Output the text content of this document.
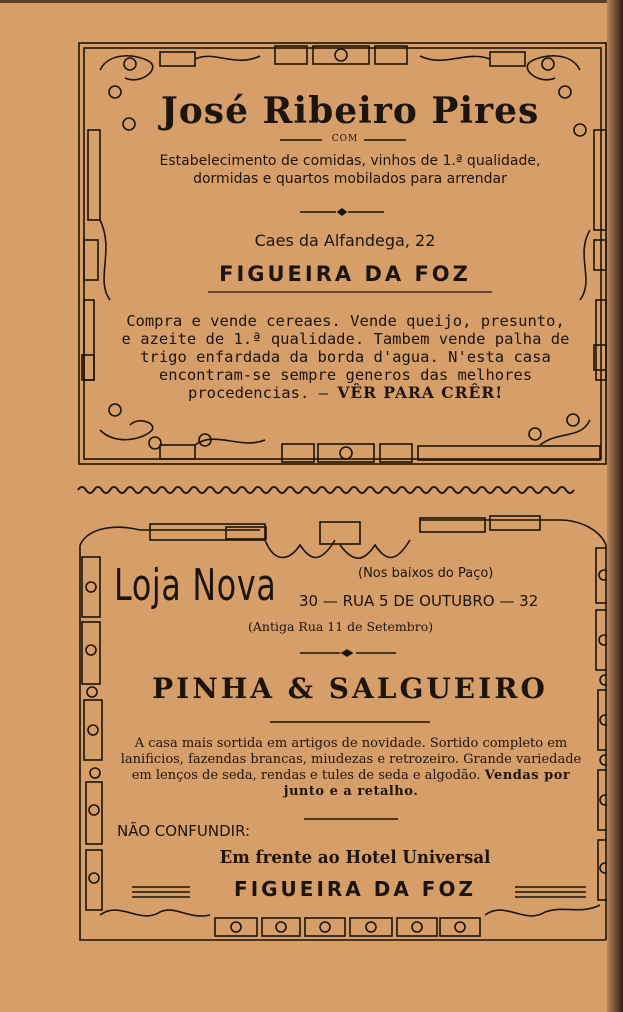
José Ribeiro Pires
COM
Estabelecimento de comidas, vinhos de 1.ª qualidade, dormidas e quartos mobilados para arrendar
Caes da Alfandega, 22
FIGUEIRA DA FOZ
Compra e vende cereaes. Vende queijo, presunto, e azeite de 1.ª qualidade. Tambem vende palha de trigo enfardada da borda d'agua. N'esta casa encontram-se sempre generos das melhores procedencias. — VÊR PARA CRÊR!
Loja Nova	(Nos baixos do Paço)
30 — RUA 5 DE OUTUBRO — 32
(Antiga Rua 11 de Setembro)
PINHA & SALGUEIRO
A casa mais sortida em artigos de novidade. Sortido completo em lanificios, fazendas brancas, miudezas e retrozeiro. Grande variedade em lenços de seda, rendas e tules de seda e algodão. Vendas por junto e a retalho.
NÃO CONFUNDIR:
Em frente ao Hotel Universal
FIGUEIRA DA FOZ
